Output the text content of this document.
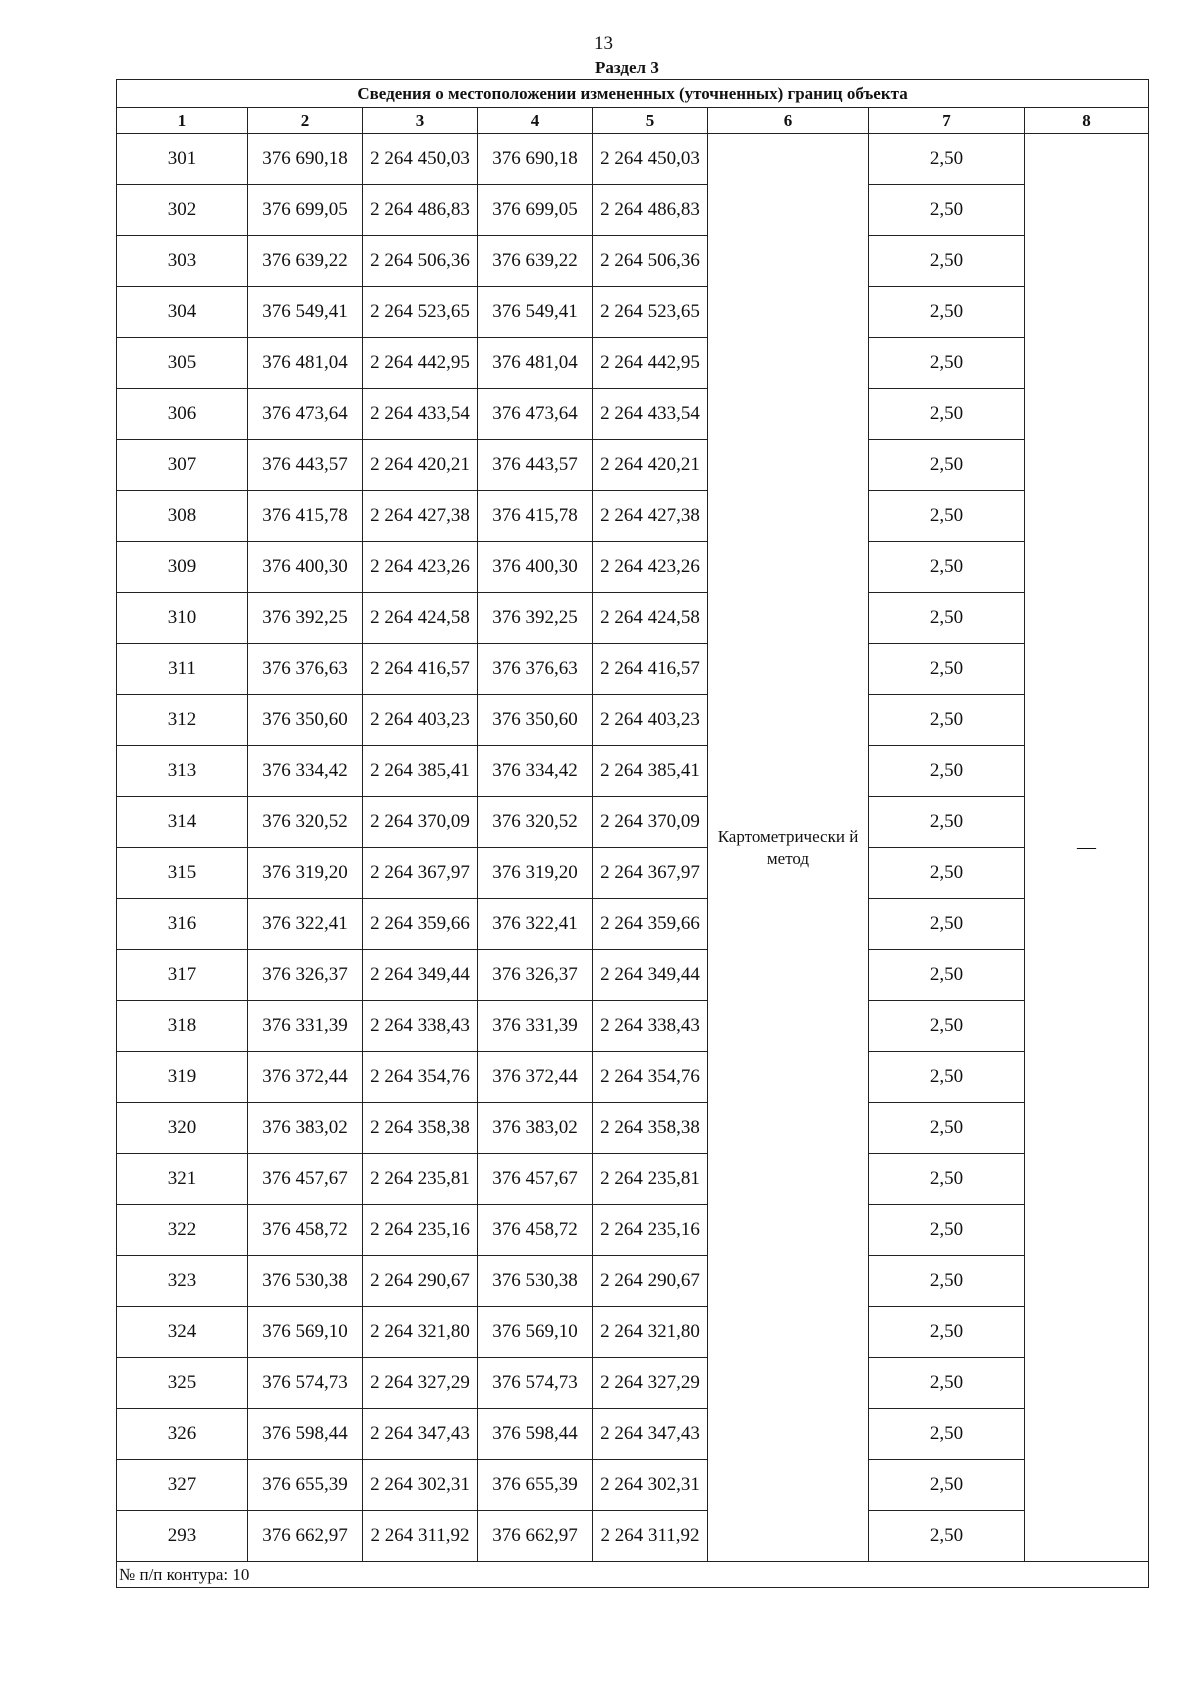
13
Раздел 3
Сведения о местоположении измененных (уточненных) границ объекта							
1	2	3	4	5	6	7	8
301	376 690,18	2 264 450,03	376 690,18	2 264 450,03	Картометрически й метод	2,50	—
302	376 699,05	2 264 486,83	376 699,05	2 264 486,83		2,50	
303	376 639,22	2 264 506,36	376 639,22	2 264 506,36		2,50	
304	376 549,41	2 264 523,65	376 549,41	2 264 523,65		2,50	
305	376 481,04	2 264 442,95	376 481,04	2 264 442,95		2,50	
306	376 473,64	2 264 433,54	376 473,64	2 264 433,54		2,50	
307	376 443,57	2 264 420,21	376 443,57	2 264 420,21		2,50	
308	376 415,78	2 264 427,38	376 415,78	2 264 427,38		2,50	
309	376 400,30	2 264 423,26	376 400,30	2 264 423,26		2,50	
310	376 392,25	2 264 424,58	376 392,25	2 264 424,58		2,50	
311	376 376,63	2 264 416,57	376 376,63	2 264 416,57		2,50	
312	376 350,60	2 264 403,23	376 350,60	2 264 403,23		2,50	
313	376 334,42	2 264 385,41	376 334,42	2 264 385,41		2,50	
314	376 320,52	2 264 370,09	376 320,52	2 264 370,09		2,50	
315	376 319,20	2 264 367,97	376 319,20	2 264 367,97		2,50	
316	376 322,41	2 264 359,66	376 322,41	2 264 359,66		2,50	
317	376 326,37	2 264 349,44	376 326,37	2 264 349,44		2,50	
318	376 331,39	2 264 338,43	376 331,39	2 264 338,43		2,50	
319	376 372,44	2 264 354,76	376 372,44	2 264 354,76		2,50	
320	376 383,02	2 264 358,38	376 383,02	2 264 358,38		2,50	
321	376 457,67	2 264 235,81	376 457,67	2 264 235,81		2,50	
322	376 458,72	2 264 235,16	376 458,72	2 264 235,16		2,50	
323	376 530,38	2 264 290,67	376 530,38	2 264 290,67		2,50	
324	376 569,10	2 264 321,80	376 569,10	2 264 321,80		2,50	
325	376 574,73	2 264 327,29	376 574,73	2 264 327,29		2,50	
326	376 598,44	2 264 347,43	376 598,44	2 264 347,43		2,50	
327	376 655,39	2 264 302,31	376 655,39	2 264 302,31		2,50	
293	376 662,97	2 264 311,92	376 662,97	2 264 311,92		2,50	
№ п/п контура: 10							
